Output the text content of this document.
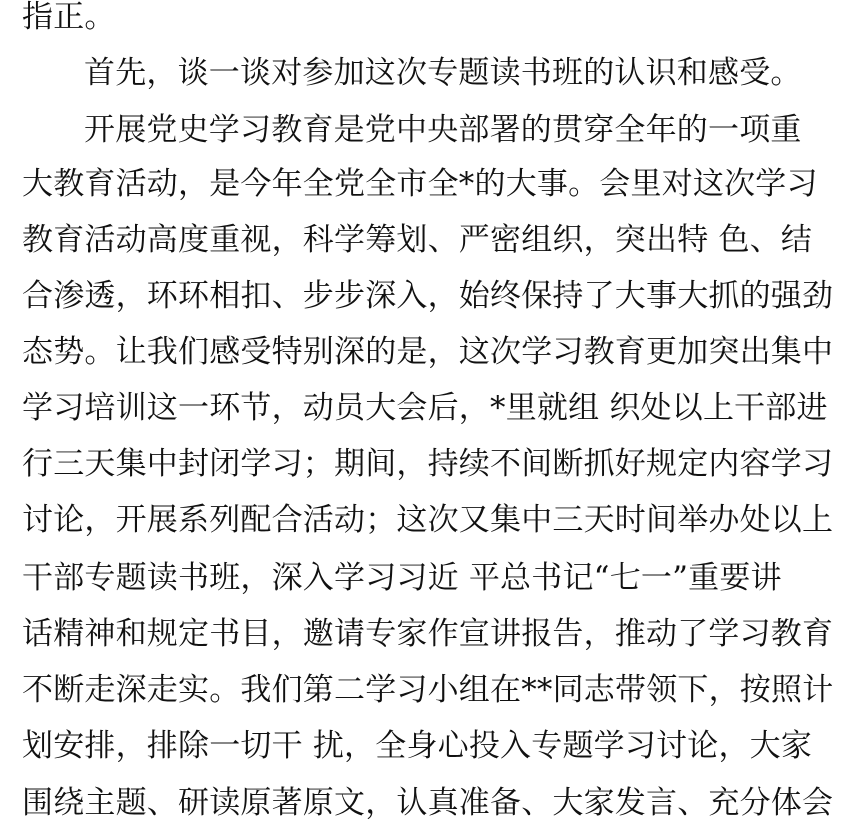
指正。
首先，谈一谈对参加这次专题读书班的认识和感受。
开展党史学习教育是党中央部署的贯穿全年的一项重
大教育活动，是今年全党全市全*的大事。会里对这次学习
教育活动高度重视，科学筹划、严密组织，突出特 色、结
合渗透，环环相扣、步步深入，始终保持了大事大抓的强劲
态势。让我们感受特别深的是，这次学习教育更加突出集中
学习培训这一环节，动员大会后，*里就组 织处以上干部进
行三天集中封闭学习；期间，持续不间断抓好规定内容学习
讨论，开展系列配合活动；这次又集中三天时间举办处以上
干部专题读书班，深入学习习近 平总书记“七一”重要讲
话精神和规定书目，邀请专家作宣讲报告，推动了学习教育
不断走深走实。我们第二学习小组在**同志带领下，按照计
划安排，排除一切干 扰，全身心投入专题学习讨论，大家
围绕主题、研读原著原文，认真准备、大家发言、充分体会
